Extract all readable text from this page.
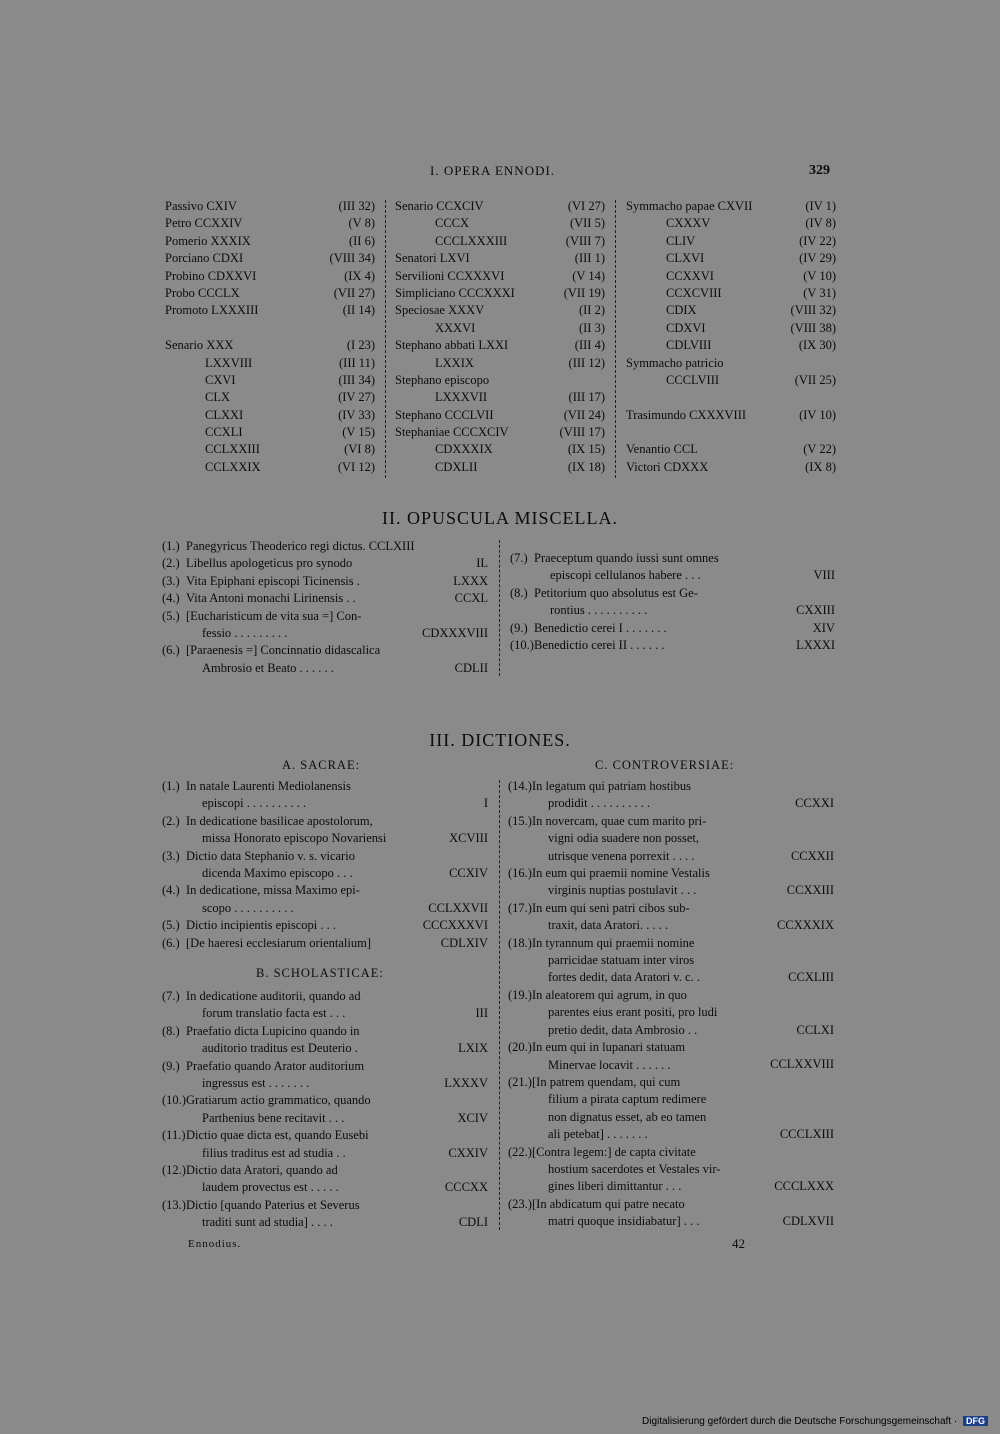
I. OPERA ENNODI.	329
Passivo CXIV	(III 32)
Petro CCXXIV	(V 8)
Pomerio XXXIX	(II 6)
Porciano CDXI	(VIII 34)
Probino CDXXVI	(IX 4)
Probo CCCLX	(VII 27)
Promoto LXXXIII	(II 14)
Senario XXX	(I 23)
LXXVIII	(III 11)
CXVI	(III 34)
CLX	(IV 27)
CLXXI	(IV 33)
CCXLI	(V 15)
CCLXXIII	(VI 8)
CCLXXIX	(VI 12)
Senario CCXCIV	(VI 27)
CCCX	(VII 5)
CCCLXXXIII	(VIII 7)
Senatori LXVI	(III 1)
Servilioni CCXXXVI	(V 14)
Simpliciano CCCXXXI	(VII 19)
Speciosae XXXV	(II 2)
XXXVI	(II 3)
Stephano abbati LXXI	(III 4)
LXXIX	(III 12)
Stephano episcopo
LXXXVII	(III 17)
Stephano CCCLVII	(VII 24)
Stephaniae CCCXCIV	(VIII 17)
CDXXXIX	(IX 15)
CDXLII	(IX 18)
Symmacho papae CXVII	(IV 1)
CXXXV	(IV 8)
CLIV	(IV 22)
CLXVI	(IV 29)
CCXXVI	(V 10)
CCXCVIII	(V 31)
CDIX	(VIII 32)
CDXVI	(VIII 38)
CDLVIII	(IX 30)
Symmacho patricio
CCCLVIII	(VII 25)
Trasimundo CXXXVIII	(IV 10)
Venantio CCL	(V 22)
Victori CDXXX	(IX 8)
II. OPUSCULA MISCELLA.
(1.) Panegyricus Theoderico regi dictus. CCLXIII
(2.) Libellus apologeticus pro synodo	IL
(3.) Vita Epiphani episcopi Ticinensis .	LXXX
(4.) Vita Antoni monachi Lirinensis . .	CCXL
(5.) [Eucharisticum de vita sua =] Con-
fessio . . . . . . . . .	CDXXXVIII
(6.) [Paraenesis =] Concinnatio didascalica
Ambrosio et Beato . . . . . .	CDLII
(7.) Praeceptum quando iussi sunt omnes
episcopi cellulanos habere . . .	VIII
(8.) Petitorium quo absolutus est Ge-
rontius . . . . . . . . . .	CXXIII
(9.) Benedictio cerei I . . . . . . .	XIV
(10.) Benedictio cerei II . . . . . .	LXXXI
III. DICTIONES.
A. SACRAE:	C. CONTROVERSIAE:
(1.) In natale Laurenti Mediolanensis
episcopi . . . . . . . . . .	I
(2.) In dedicatione basilicae apostolorum,
missa Honorato episcopo Novariensi	XCVIII
(3.) Dictio data Stephanio v. s. vicario
dicenda Maximo episcopo . . .	CCXIV
(4.) In dedicatione, missa Maximo epi-
scopo . . . . . . . . . .	CCLXXVII
(5.) Dictio incipientis episcopi . . .	CCCXXXVI
(6.) [De haeresi ecclesiarum orientalium]	CDLXIV
B. SCHOLASTICAE:
(7.) In dedicatione auditorii, quando ad
forum translatio facta est . . .	III
(8.) Praefatio dicta Lupicino quando in
auditorio traditus est Deuterio .	LXIX
(9.) Praefatio quando Arator auditorium
ingressus est . . . . . . .	LXXXV
(10.) Gratiarum actio grammatico, quando
Parthenius bene recitavit . . .	XCIV
(11.) Dictio quae dicta est, quando Eusebi
filius traditus est ad studia . .	CXXIV
(12.) Dictio data Aratori, quando ad
laudem provectus est . . . . .	CCCXX
(13.) Dictio [quando Paterius et Severus
traditi sunt ad studia] . . . .	CDLI
(14.) In legatum qui patriam hostibus
prodidit . . . . . . . . . .	CCXXI
(15.) In novercam, quae cum marito pri-
vigni odia suadere non posset,
utrisque venena porrexit . . . .	CCXXII
(16.) In eum qui praemii nomine Vestalis
virginis nuptias postulavit . . .	CCXXIII
(17.) In eum qui seni patri cibos sub-
traxit, data Aratori. . . . .	CCXXXIX
(18.) In tyrannum qui praemii nomine
parricidae statuam inter viros
fortes dedit, data Aratori v. c. .	CCXLIII
(19.) In aleatorem qui agrum, in quo
parentes eius erant positi, pro ludi
pretio dedit, data Ambrosio . .	CCLXI
(20.) In eum qui in lupanari statuam
Minervae locavit . . . . . .	CCLXXVIII
(21.) [In patrem quendam, qui cum
filium a pirata captum redimere
non dignatus esset, ab eo tamen
ali petebat] . . . . . . .	CCCLXIII
(22.) [Contra legem:] de capta civitate
hostium sacerdotes et Vestales vir-
gines liberi dimittantur . . .	CCCLXXX
(23.) [In abdicatum qui patre necato
matri quoque insidiabatur] . . .	CDLXVII
Ennodius.	42
Digitalisierung gefördert durch die Deutsche Forschungsgemeinschaft · DFG
